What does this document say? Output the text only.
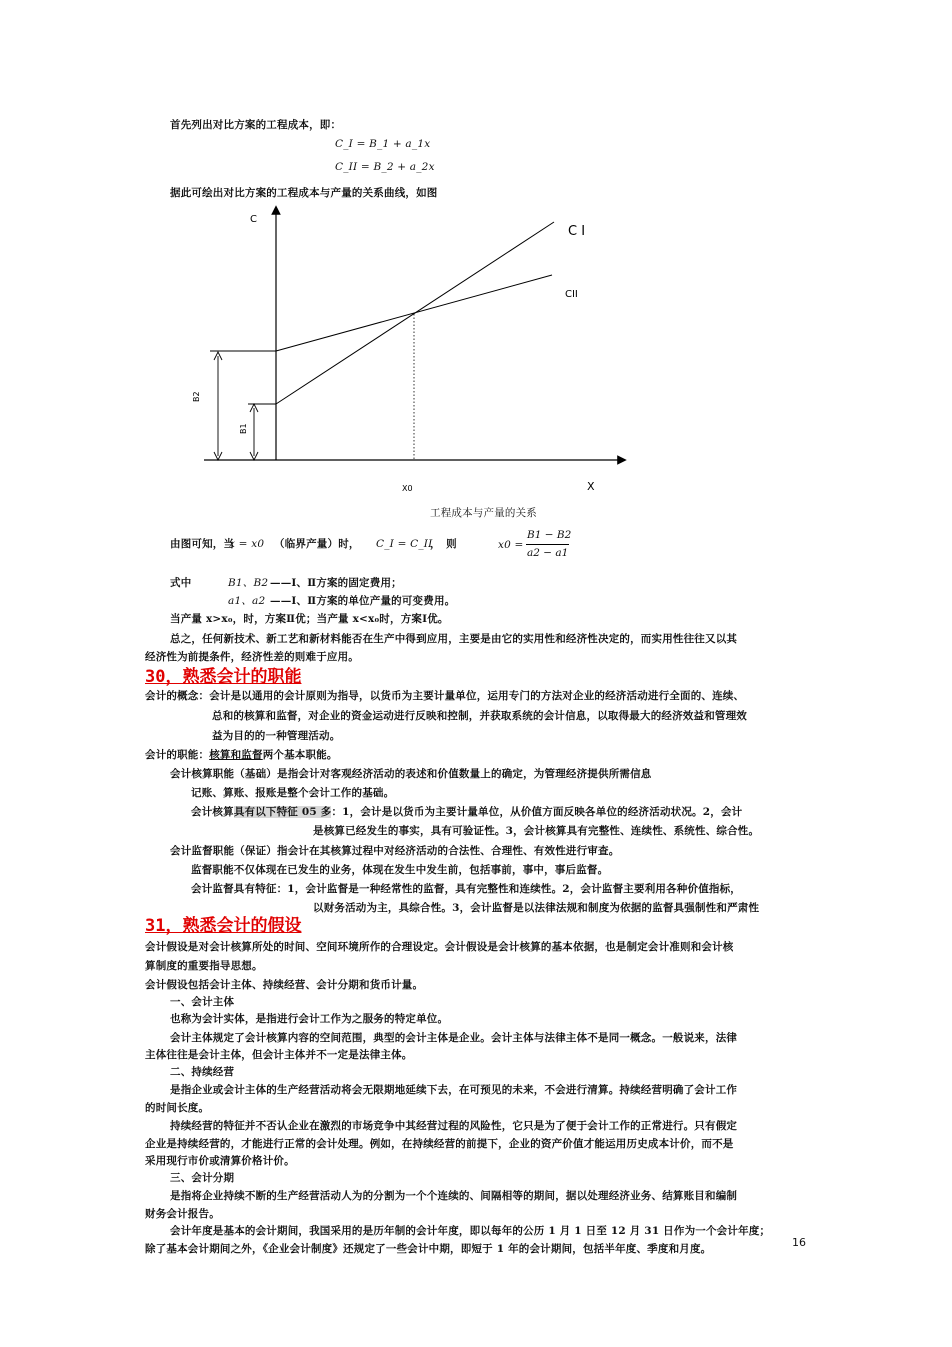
首先列出对比方案的工程成本，即：
C_I = B_1 + a_1x
C_II = B_2 + a_2x
据此可绘出对比方案的工程成本与产量的关系曲线，如图
C
X
C I
CII
X0
B2
B1
工程成本与产量的关系
由图可知，当
x = x0 （临界产量）时， C_I = C_II
，　则	x0 =
B1 − B2
a2 − a1
式中	B1、B2 ——Ⅰ、Ⅱ方案的固定费用；
a1、a2 ——Ⅰ、Ⅱ方案的单位产量的可变费用。
当产量 x>x₀，时，方案Ⅱ优；当产量 x<x₀时，方案Ⅰ优。
总之，任何新技术、新工艺和新材料能否在生产中得到应用，主要是由它的实用性和经济性决定的，而实用性往往又以其
经济性为前提条件，经济性差的则难于应用。
30，熟悉会计的职能
会计的概念：会计是以通用的会计原则为指导，以货币为主要计量单位，运用专门的方法对企业的经济活动进行全面的、连续、
总和的核算和监督，对企业的资金运动进行反映和控制，并获取系统的会计信息，以取得最大的经济效益和管理效
益为目的的一种管理活动。
会计的职能：核算和监督两个基本职能。
会计核算职能（基础）是指会计对客观经济活动的表述和价值数量上的确定，为管理经济提供所需信息
记账、算账、报账是整个会计工作的基础。
会计核算具有以下特征 05 多：1，会计是以货币为主要计量单位，从价值方面反映各单位的经济活动状况。2，会计
是核算已经发生的事实，具有可验证性。3，会计核算具有完整性、连续性、系统性、综合性。
会计监督职能（保证）指会计在其核算过程中对经济活动的合法性、合理性、有效性进行审查。
监督职能不仅体现在已发生的业务，体现在发生中发生前，包括事前，事中，事后监督。
会计监督具有特征：1，会计监督是一种经常性的监督，具有完整性和连续性。2，会计监督主要利用各种价值指标，
以财务活动为主，具综合性。3，会计监督是以法律法规和制度为依据的监督具强制性和严肃性
31，熟悉会计的假设
会计假设是对会计核算所处的时间、空间环境所作的合理设定。会计假设是会计核算的基本依据，也是制定会计准则和会计核
算制度的重要指导思想。
会计假设包括会计主体、持续经营、会计分期和货币计量。
一、会计主体
也称为会计实体，是指进行会计工作为之服务的特定单位。
会计主体规定了会计核算内容的空间范围，典型的会计主体是企业。会计主体与法律主体不是同一概念。一般说来，法律
主体往往是会计主体，但会计主体并不一定是法律主体。
二、持续经营
是指企业或会计主体的生产经营活动将会无限期地延续下去，在可预见的未来，不会进行清算。持续经营明确了会计工作
的时间长度。
持续经营的特征并不否认企业在激烈的市场竞争中其经营过程的风险性，它只是为了便于会计工作的正常进行。只有假定
企业是持续经营的，才能进行正常的会计处理。例如，在持续经营的前提下，企业的资产价值才能运用历史成本计价，而不是
采用现行市价或清算价格计价。
三、会计分期
是指将企业持续不断的生产经营活动人为的分割为一个个连续的、间隔相等的期间，据以处理经济业务、结算账目和编制
财务会计报告。
会计年度是基本的会计期间，我国采用的是历年制的会计年度，即以每年的公历 1 月 1 日至 12 月 31 日作为一个会计年度；
除了基本会计期间之外，《企业会计制度》还规定了一些会计中期，即短于 1 年的会计期间，包括半年度、季度和月度。	16
